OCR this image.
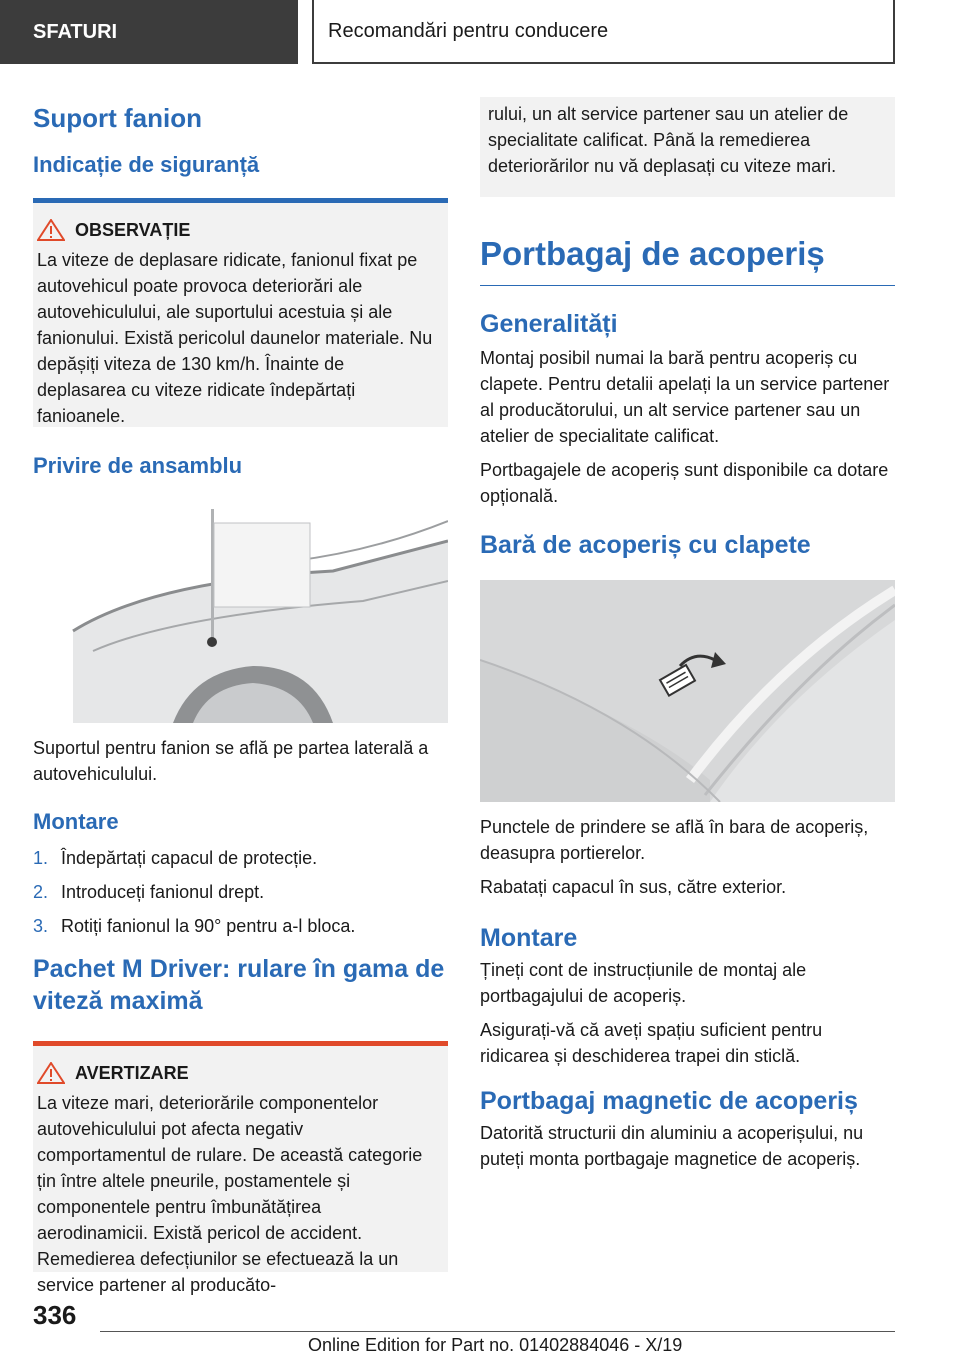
SFATURI	Recomandări pentru conducere
Suport fanion
Indicație de siguranță
OBSERVAȚIE

La viteze de deplasare ridicate, fanionul fixat pe autovehicul poate provoca deteriorări ale autovehiculului, ale suportului acestuia și ale fanionului. Există pericolul daunelor materiale. Nu depășiți viteza de 130 km/h. Înainte de deplasarea cu viteze ridicate îndepărtați fanioanele.

Privire de ansamblu

Suportul pentru fanion se află pe partea laterală a autovehiculului.

Montare
1. Îndepărtați capacul de protecție.
2. Introduceți fanionul drept.
3. Rotiți fanionul la 90° pentru a-l bloca.
Pachet M Driver: rulare în gama de viteză maximă
AVERTIZARE

La viteze mari, deteriorările componentelor autovehiculului pot afecta negativ comportamentul de rulare. De această categorie țin între altele pneurile, postamentele și componentele pentru îmbunătățirea aerodinamicii. Există pericol de accident. Remedierea defecțiunilor se efectuează la un service partener al producăto-

rului, un alt service partener sau un atelier de specialitate calificat. Până la remedierea deteriorărilor nu vă deplasați cu viteze mari.

Portbagaj de acoperiș
Generalități

Montaj posibil numai la bară pentru acoperiș cu clapete. Pentru detalii apelați la un service partener al producătorului, un alt service partener sau un atelier de specialitate calificat.

Portbagajele de acoperiș sunt disponibile ca dotare opțională.

Bară de acoperiș cu clapete

Punctele de prindere se află în bara de acoperiș, deasupra portierelor.

Rabatați capacul în sus, către exterior.

Montare

Țineți cont de instrucțiunile de montaj ale portbagajului de acoperiș.

Asigurați-vă că aveți spațiu suficient pentru ridicarea și deschiderea trapei din sticlă.

Portbagaj magnetic de acoperiș

Datorită structurii din aluminiu a acoperișului, nu puteți monta portbagaje magnetice de acoperiș.

336
Online Edition for Part no. 01402884046 - X/19
